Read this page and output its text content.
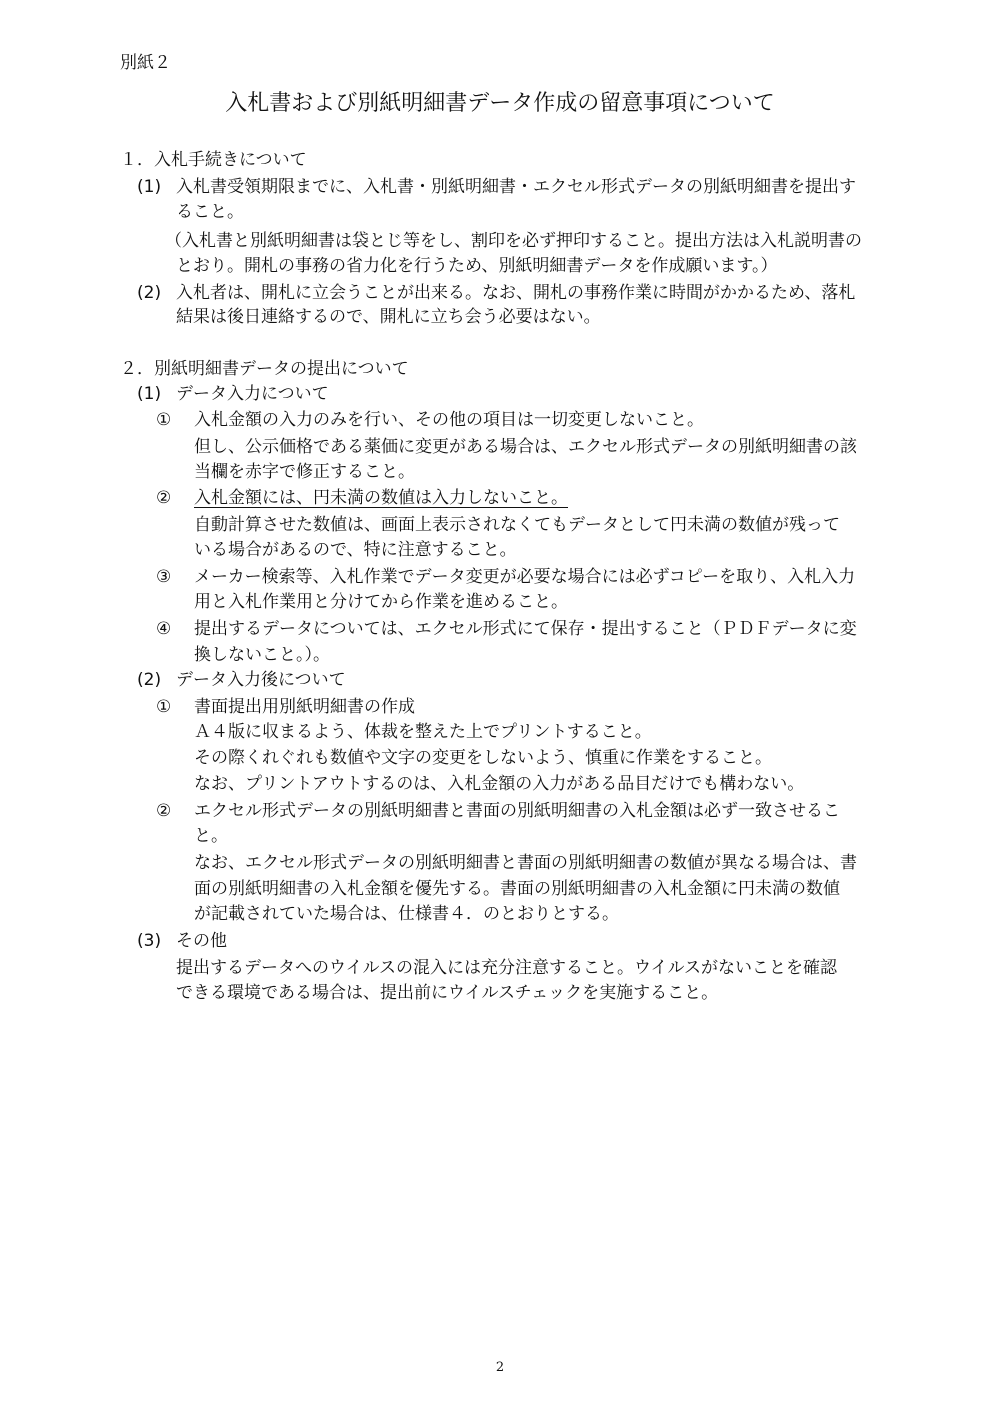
別紙２
入札書および別紙明細書データ作成の留意事項について
１．入札手続きについて
(1) 入札書受領期限までに、入札書・別紙明細書・エクセル形式データの別紙明細書を提出す
ること。
（入札書と別紙明細書は袋とじ等をし、割印を必ず押印すること。提出方法は入札説明書の
とおり。開札の事務の省力化を行うため、別紙明細書データを作成願います。）
(2) 入札者は、開札に立会うことが出来る。なお、開札の事務作業に時間がかかるため、落札
結果は後日連絡するので、開札に立ち会う必要はない。
２．別紙明細書データの提出について
(1) データ入力について
① 入札金額の入力のみを行い、その他の項目は一切変更しないこと。
但し、公示価格である薬価に変更がある場合は、エクセル形式データの別紙明細書の該
当欄を赤字で修正すること。
② 入札金額には、円未満の数値は入力しないこと。
自動計算させた数値は、画面上表示されなくてもデータとして円未満の数値が残って
いる場合があるので、特に注意すること。
③ メーカー検索等、入札作業でデータ変更が必要な場合には必ずコピーを取り、入札入力
用と入札作業用と分けてから作業を進めること。
④ 提出するデータについては、エクセル形式にて保存・提出すること（ＰＤＦデータに変
換しないこと。）。
(2) データ入力後について
① 書面提出用別紙明細書の作成
Ａ４版に収まるよう、体裁を整えた上でプリントすること。
その際くれぐれも数値や文字の変更をしないよう、慎重に作業をすること。
なお、プリントアウトするのは、入札金額の入力がある品目だけでも構わない。
② エクセル形式データの別紙明細書と書面の別紙明細書の入札金額は必ず一致させるこ
と。
なお、エクセル形式データの別紙明細書と書面の別紙明細書の数値が異なる場合は、書
面の別紙明細書の入札金額を優先する。書面の別紙明細書の入札金額に円未満の数値
が記載されていた場合は、仕様書４．のとおりとする。
(3) その他
提出するデータへのウイルスの混入には充分注意すること。ウイルスがないことを確認
できる環境である場合は、提出前にウイルスチェックを実施すること。
2
